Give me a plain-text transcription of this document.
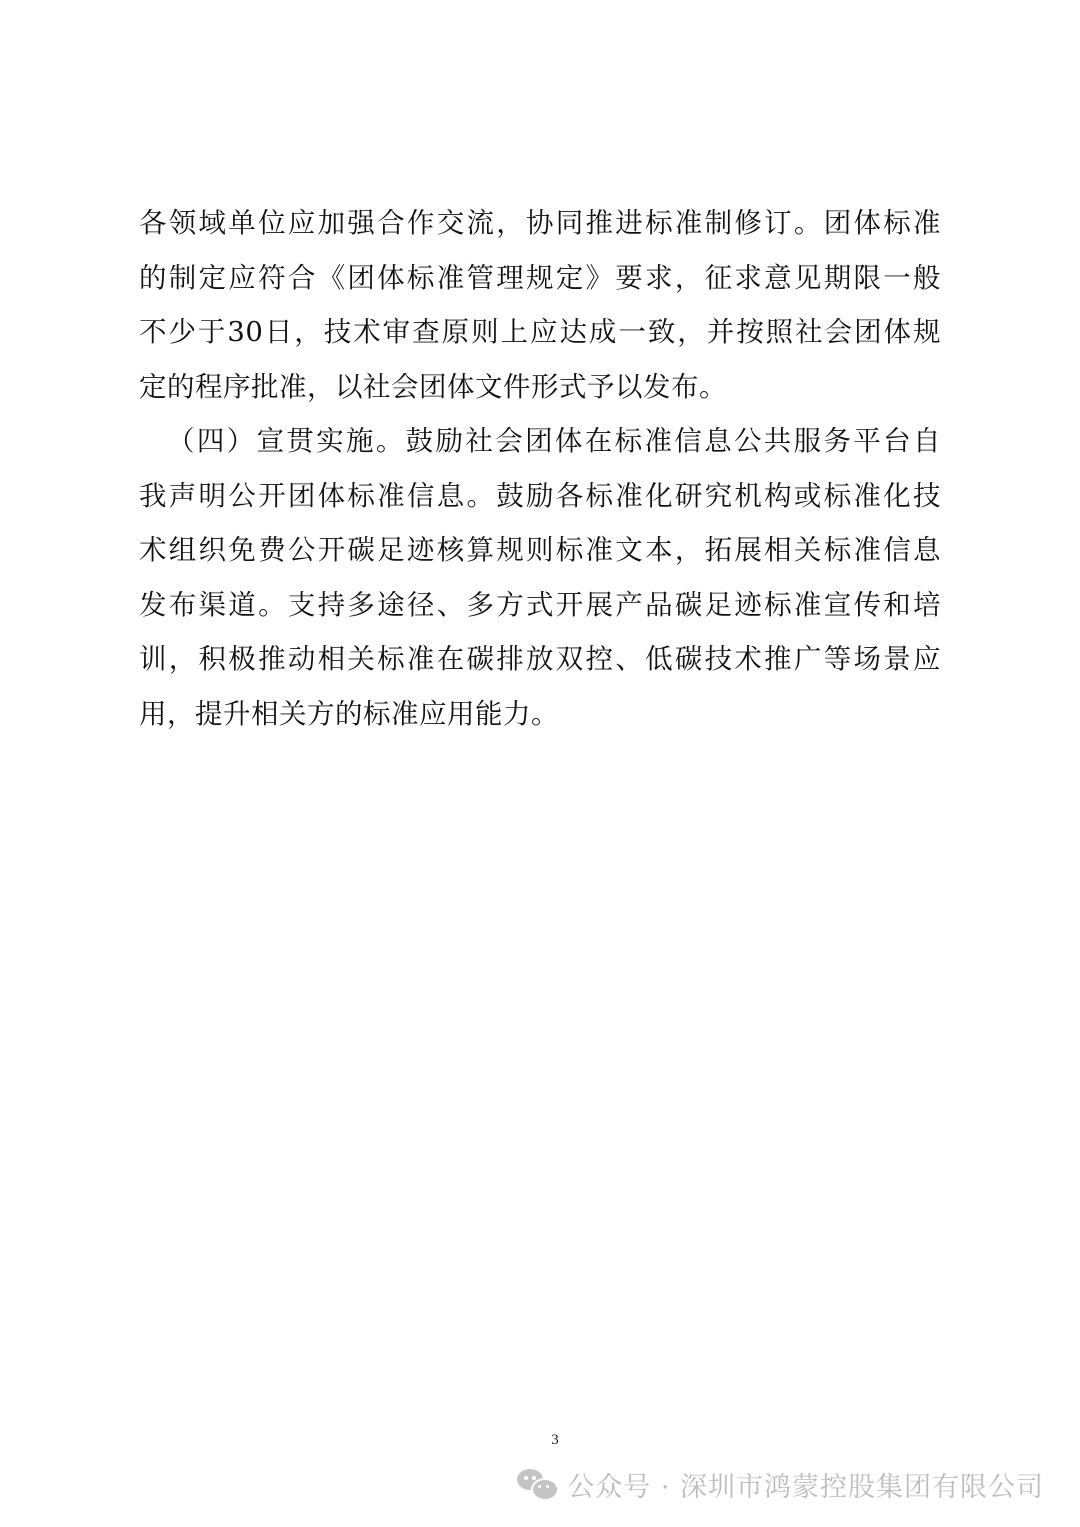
各领域单位应加强合作交流，协同推进标准制修订。团体标准
的制定应符合《团体标准管理规定》要求，征求意见期限一般
不少于30日，技术审查原则上应达成一致，并按照社会团体规
定的程序批准，以社会团体文件形式予以发布。
（四）宣贯实施。鼓励社会团体在标准信息公共服务平台自
我声明公开团体标准信息。鼓励各标准化研究机构或标准化技
术组织免费公开碳足迹核算规则标准文本，拓展相关标准信息
发布渠道。支持多途径、多方式开展产品碳足迹标准宣传和培
训，积极推动相关标准在碳排放双控、低碳技术推广等场景应
用，提升相关方的标准应用能力。
3
公众号 · 深圳市鸿蒙控股集团有限公司
